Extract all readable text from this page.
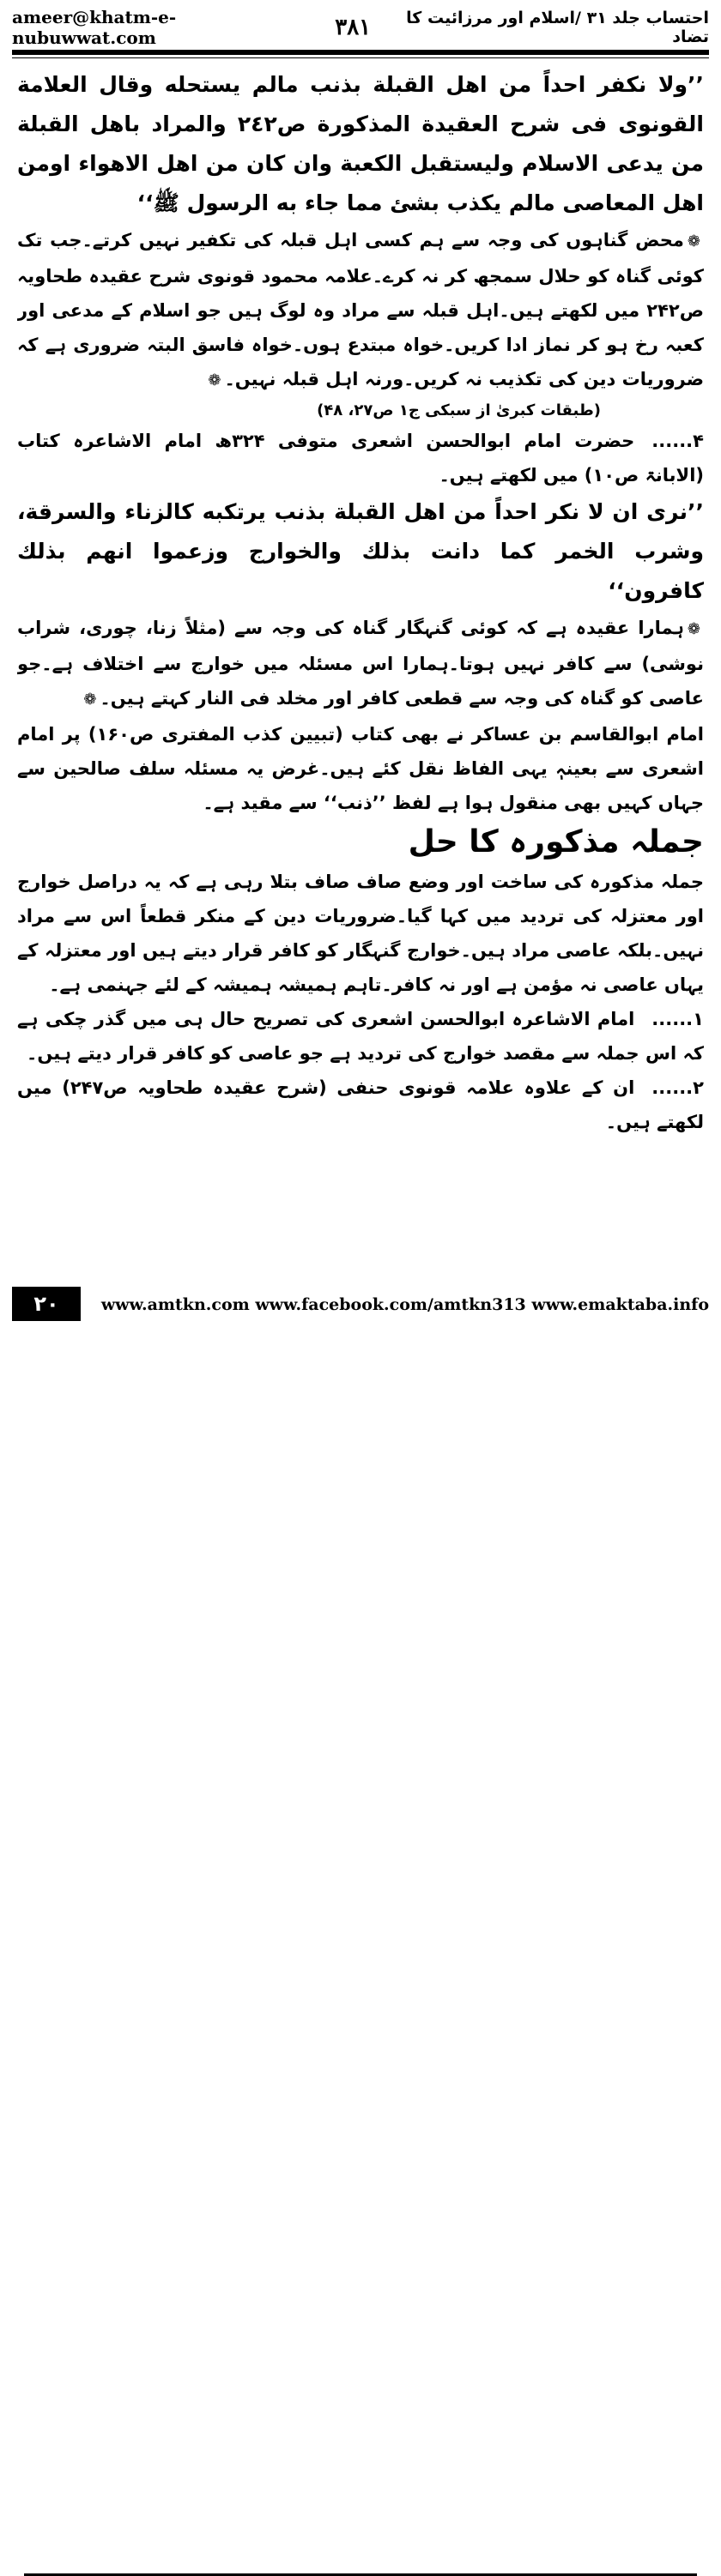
ameer@khatm-e-nubuwwat.com	۳۸۱	احتساب جلد ۳۱ /اسلام اور مرزائیت کا تضاد

’’ولا نکفر احداً من اهل القبلة بذنب مالم یستحله وقال العلامة القونوی فی شرح العقیدة المذکورة ص۲٤۲ والمراد باهل القبلة من یدعی الاسلام ولیستقبل الکعبة وان کان من اهل الاهواء اومن اهل المعاصی مالم یکذب بشئ مما جاء به الرسول ﷺ‘‘

❁محض گناہوں کی وجہ سے ہم کسی اہل قبلہ کی تکفیر نہیں کرتے۔جب تک کوئی گناہ کو حلال سمجھ کر نہ کرے۔علامہ محمود قونوی شرح عقیدہ طحاویہ ص۲۴۲ میں لکھتے ہیں۔اہل قبلہ سے مراد وہ لوگ ہیں جو اسلام کے مدعی اور کعبہ رخ ہو کر نماز ادا کریں۔خواہ مبتدع ہوں۔خواہ فاسق البتہ ضروری ہے کہ ضروریات دین کی تکذیب نہ کریں۔ورنہ اہل قبلہ نہیں۔❁

(طبقات کبریٰ از سبکی ج۱ ص۲۷، ۴۸)

۴......حضرت امام ابوالحسن اشعری متوفی ۳۲۴ھ امام الاشاعرہ کتاب (الابانۃ ص۱۰) میں لکھتے ہیں۔

’’نری ان لا نکر احداً من اهل القبلة بذنب یرتکبه کالزناء والسرقة، وشرب الخمر کما دانت بذلك والخوارج وزعموا انهم بذلك کافرون‘‘

❁ہمارا عقیدہ ہے کہ کوئی گنہگار گناہ کی وجہ سے (مثلاً زنا، چوری، شراب نوشی) سے کافر نہیں ہوتا۔ہمارا اس مسئلہ میں خوارج سے اختلاف ہے۔جو عاصی کو گناہ کی وجہ سے قطعی کافر اور مخلد فی النار کہتے ہیں۔❁

امام ابوالقاسم بن عساکر نے بھی کتاب (تبیین کذب المفتری ص۱۶۰) پر امام اشعری سے بعینہٖ یہی الفاظ نقل کئے ہیں۔غرض یہ مسئلہ سلف صالحین سے جہاں کہیں بھی منقول ہوا ہے لفظ ’’ذنب‘‘ سے مقید ہے۔

جملہ مذکورہ کا حل

جملہ مذکورہ کی ساخت اور وضع صاف صاف بتلا رہی ہے کہ یہ دراصل خوارج اور معتزلہ کی تردید میں کہا گیا۔ضروریات دین کے منکر قطعاً اس سے مراد نہیں۔بلکہ عاصی مراد ہیں۔خوارج گنہگار کو کافر قرار دیتے ہیں اور معتزلہ کے یہاں عاصی نہ مؤمن ہے اور نہ کافر۔تاہم ہمیشہ ہمیشہ کے لئے جہنمی ہے۔

۱......امام الاشاعرہ ابوالحسن اشعری کی تصریح حال ہی میں گذر چکی ہے کہ اس جملہ سے مقصد خوارج کی تردید ہے جو عاصی کو کافر قرار دیتے ہیں۔

۲......ان کے علاوہ علامہ قونوی حنفی (شرح عقیدہ طحاویہ ص۲۴۷) میں لکھتے ہیں۔

۲۰	www.amtkn.com www.facebook.com/amtkn313 www.emaktaba.info
